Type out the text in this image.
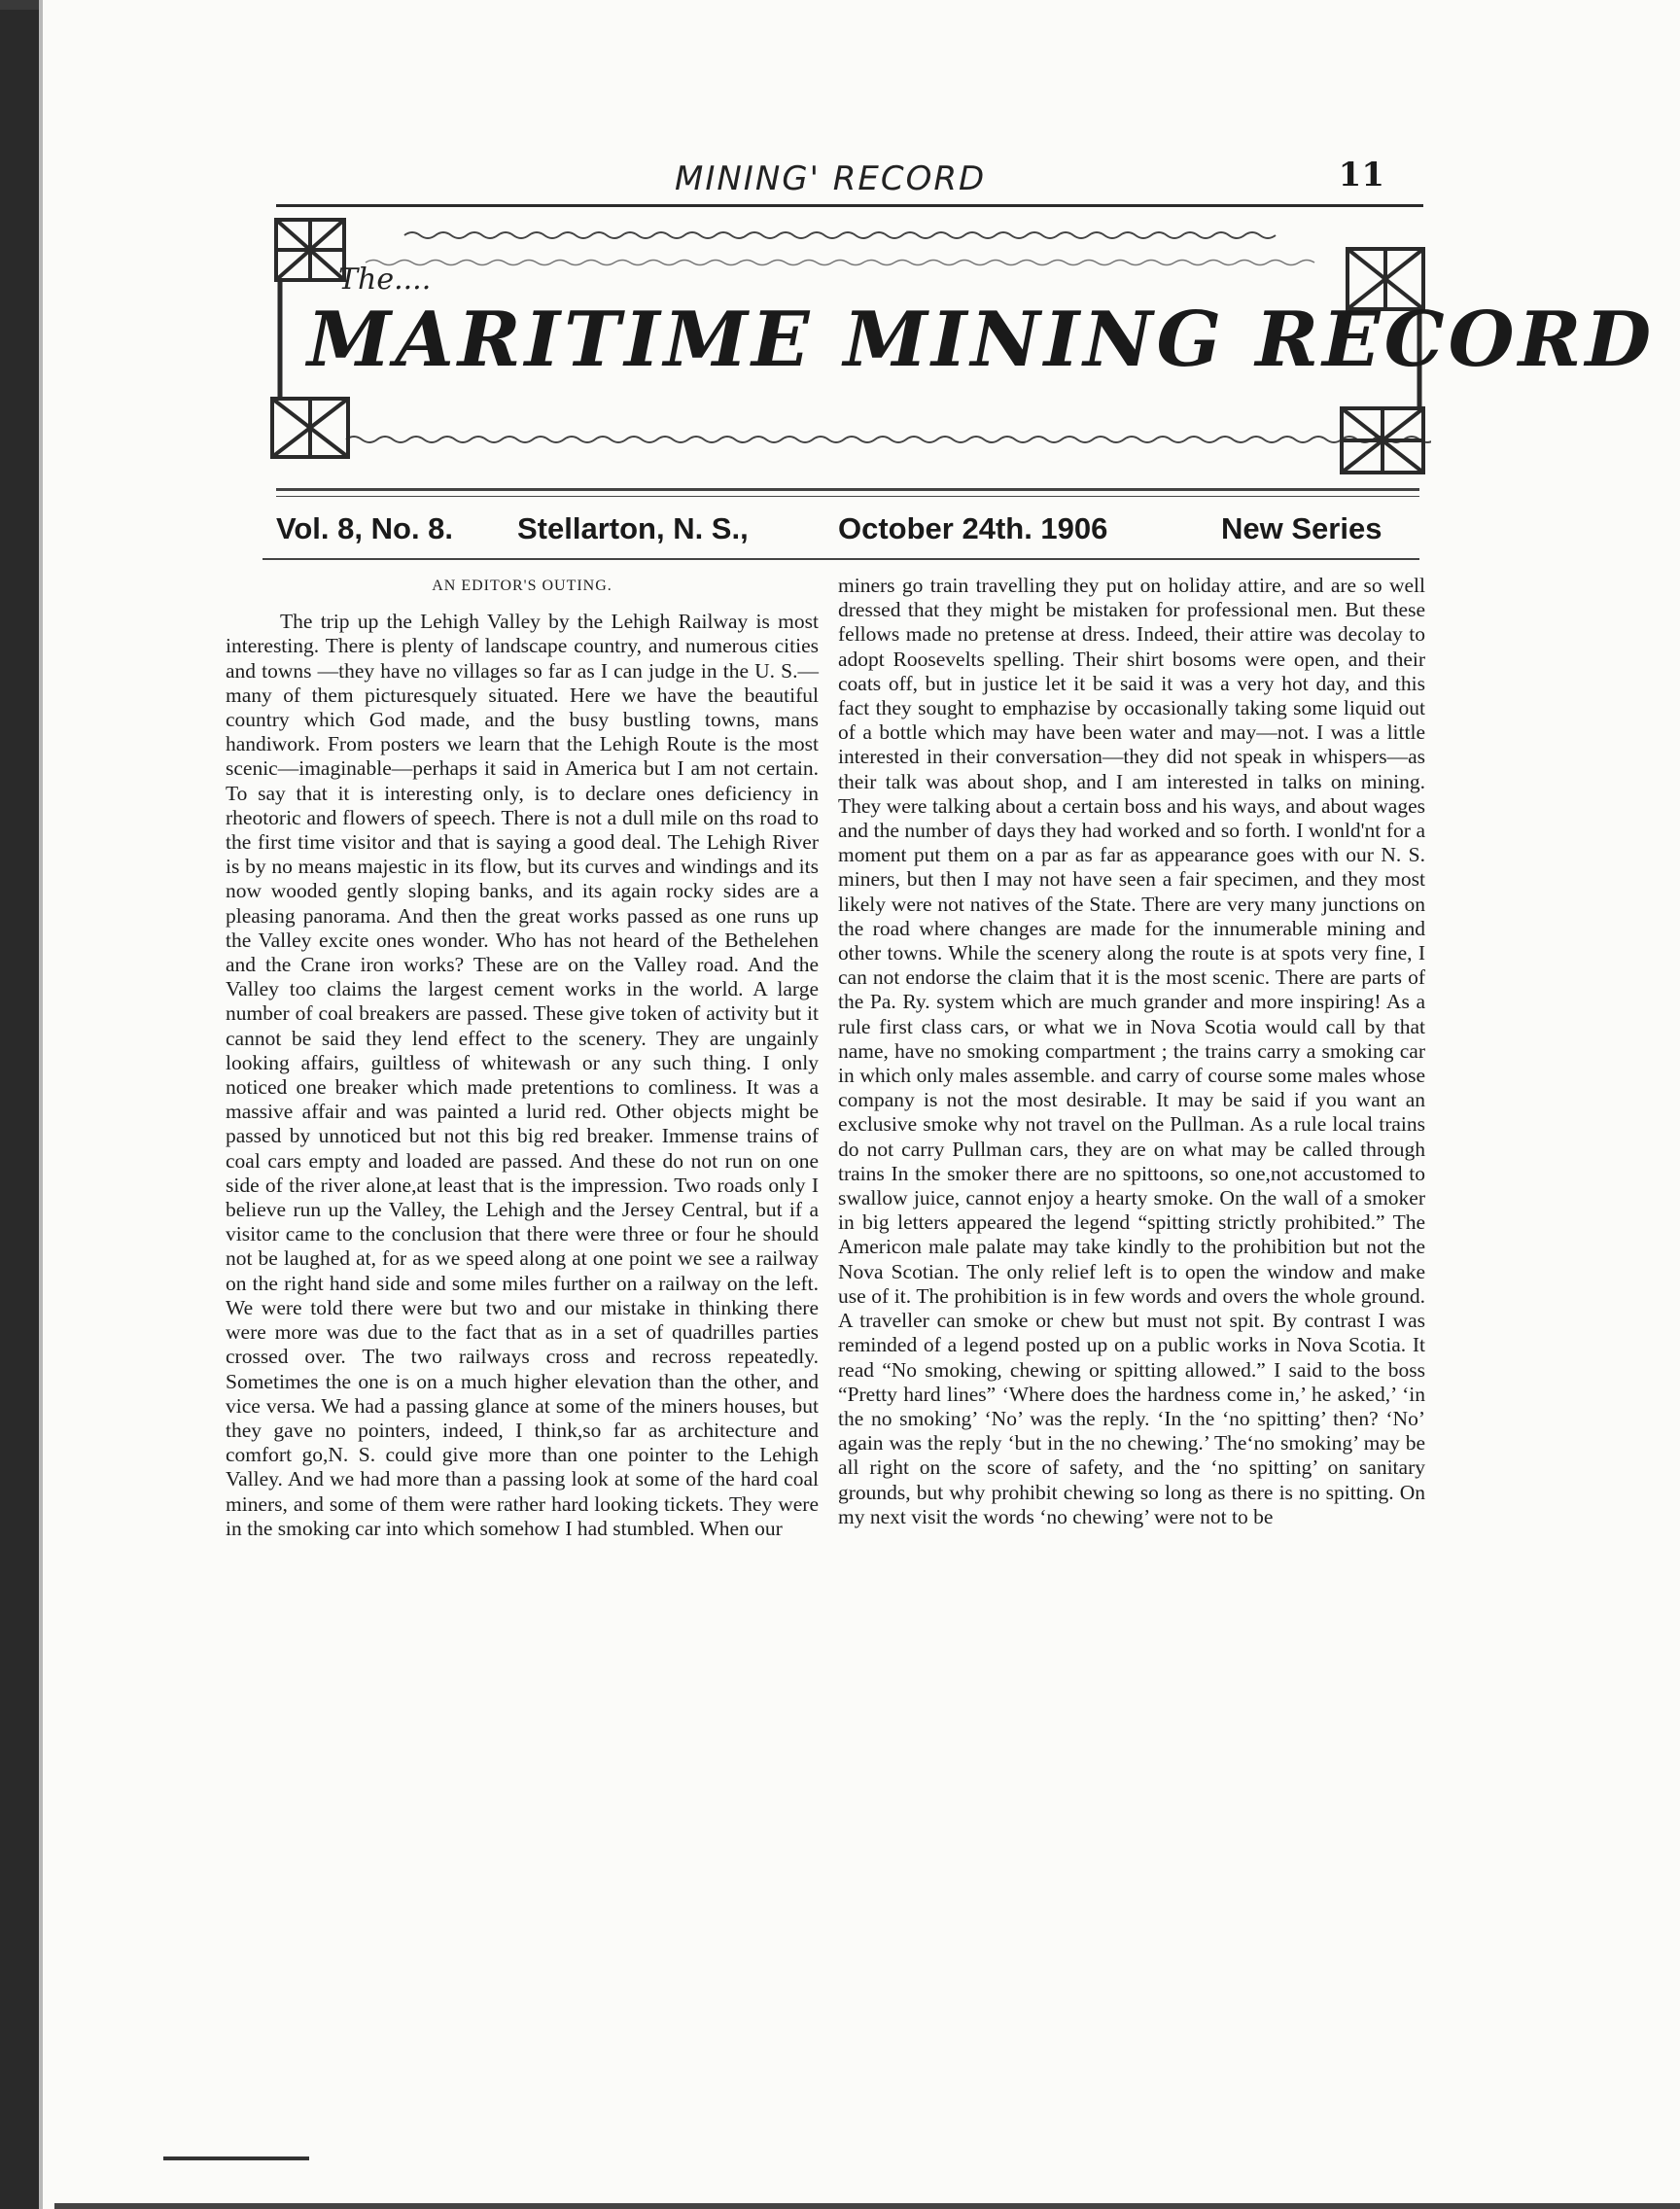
MINING' RECORD	11
The....
MARITIME MINING RECORD
Vol. 8, No. 8. Stellarton, N. S.,	October 24th. 1906	New Series
AN EDITOR'S OUTING.

The trip up the Lehigh Valley by the Lehigh Railway is most interesting. There is plenty of landscape country, and numerous cities and towns —they have no villages so far as I can judge in the U. S.—many of them picturesquely situated. Here we have the beautiful country which God made, and the busy bustling towns, mans handiwork. From posters we learn that the Lehigh Route is the most scenic—imaginable—perhaps it said in America but I am not certain. To say that it is interesting only, is to declare ones deficiency in rheotoric and flowers of speech. There is not a dull mile on ths road to the first time visitor and that is saying a good deal. The Lehigh River is by no means majestic in its flow, but its curves and windings and its now wooded gently sloping banks, and its again rocky sides are a pleasing panorama. And then the great works passed as one runs up the Valley excite ones wonder. Who has not heard of the Bethelehen and the Crane iron works? These are on the Valley road. And the Valley too claims the largest cement works in the world. A large number of coal breakers are passed. These give token of activity but it cannot be said they lend effect to the scenery. They are ungainly looking affairs, guiltless of whitewash or any such thing. I only noticed one breaker which made pretentions to comliness. It was a massive affair and was painted a lurid red. Other objects might be passed by unnoticed but not this big red breaker. Immense trains of coal cars empty and loaded are passed. And these do not run on one side of the river alone,at least that is the impression. Two roads only I believe run up the Valley, the Lehigh and the Jersey Central, but if a visitor came to the conclusion that there were three or four he should not be laughed at, for as we speed along at one point we see a railway on the right hand side and some miles further on a railway on the left. We were told there were but two and our mistake in thinking there were more was due to the fact that as in a set of quadrilles parties crossed over. The two railways cross and recross repeatedly. Sometimes the one is on a much higher elevation than the other, and vice versa. We had a passing glance at some of the miners houses, but they gave no pointers, indeed, I think,so far as architecture and comfort go,N. S. could give more than one pointer to the Lehigh Valley. And we had more than a passing look at some of the hard coal miners, and some of them were rather hard looking tickets. They were in the smoking car into which somehow I had stumbled. When our

miners go train travelling they put on holiday attire, and are so well dressed that they might be mistaken for professional men. But these fellows made no pretense at dress. Indeed, their attire was decolay to adopt Roosevelts spelling. Their shirt bosoms were open, and their coats off, but in justice let it be said it was a very hot day, and this fact they sought to emphazise by occasionally taking some liquid out of a bottle which may have been water and may—not. I was a little interested in their conversation—they did not speak in whispers—as their talk was about shop, and I am interested in talks on mining. They were talking about a certain boss and his ways, and about wages and the number of days they had worked and so forth. I wonld'nt for a moment put them on a par as far as appearance goes with our N. S. miners, but then I may not have seen a fair specimen, and they most likely were not natives of the State. There are very many junctions on the road where changes are made for the innumerable mining and other towns. While the scenery along the route is at spots very fine, I can not endorse the claim that it is the most scenic. There are parts of the Pa. Ry. system which are much grander and more inspiring! As a rule first class cars, or what we in Nova Scotia would call by that name, have no smoking compartment ; the trains carry a smoking car in which only males assemble. and carry of course some males whose company is not the most desirable. It may be said if you want an exclusive smoke why not travel on the Pullman. As a rule local trains do not carry Pullman cars, they are on what may be called through trains In the smoker there are no spittoons, so one,not accustomed to swallow juice, cannot enjoy a hearty smoke. On the wall of a smoker in big letters appeared the legend “spitting strictly prohibited.” The Americon male palate may take kindly to the prohibition but not the Nova Scotian. The only relief left is to open the window and make use of it. The prohibition is in few words and overs the whole ground. A traveller can smoke or chew but must not spit. By contrast I was reminded of a legend posted up on a public works in Nova Scotia. It read “No smoking, chewing or spitting allowed.” I said to the boss “Pretty hard lines” ‘Where does the hardness come in,’ he asked,’ ‘in the no smoking’ ‘No’ was the reply. ‘In the ‘no spitting’ then? ‘No’ again was the reply ‘but in the no chewing.’ The‘no smoking’ may be all right on the score of safety, and the ‘no spitting’ on sanitary grounds, but why prohibit chewing so long as there is no spitting. On my next visit the words ‘no chewing’ were not to be
